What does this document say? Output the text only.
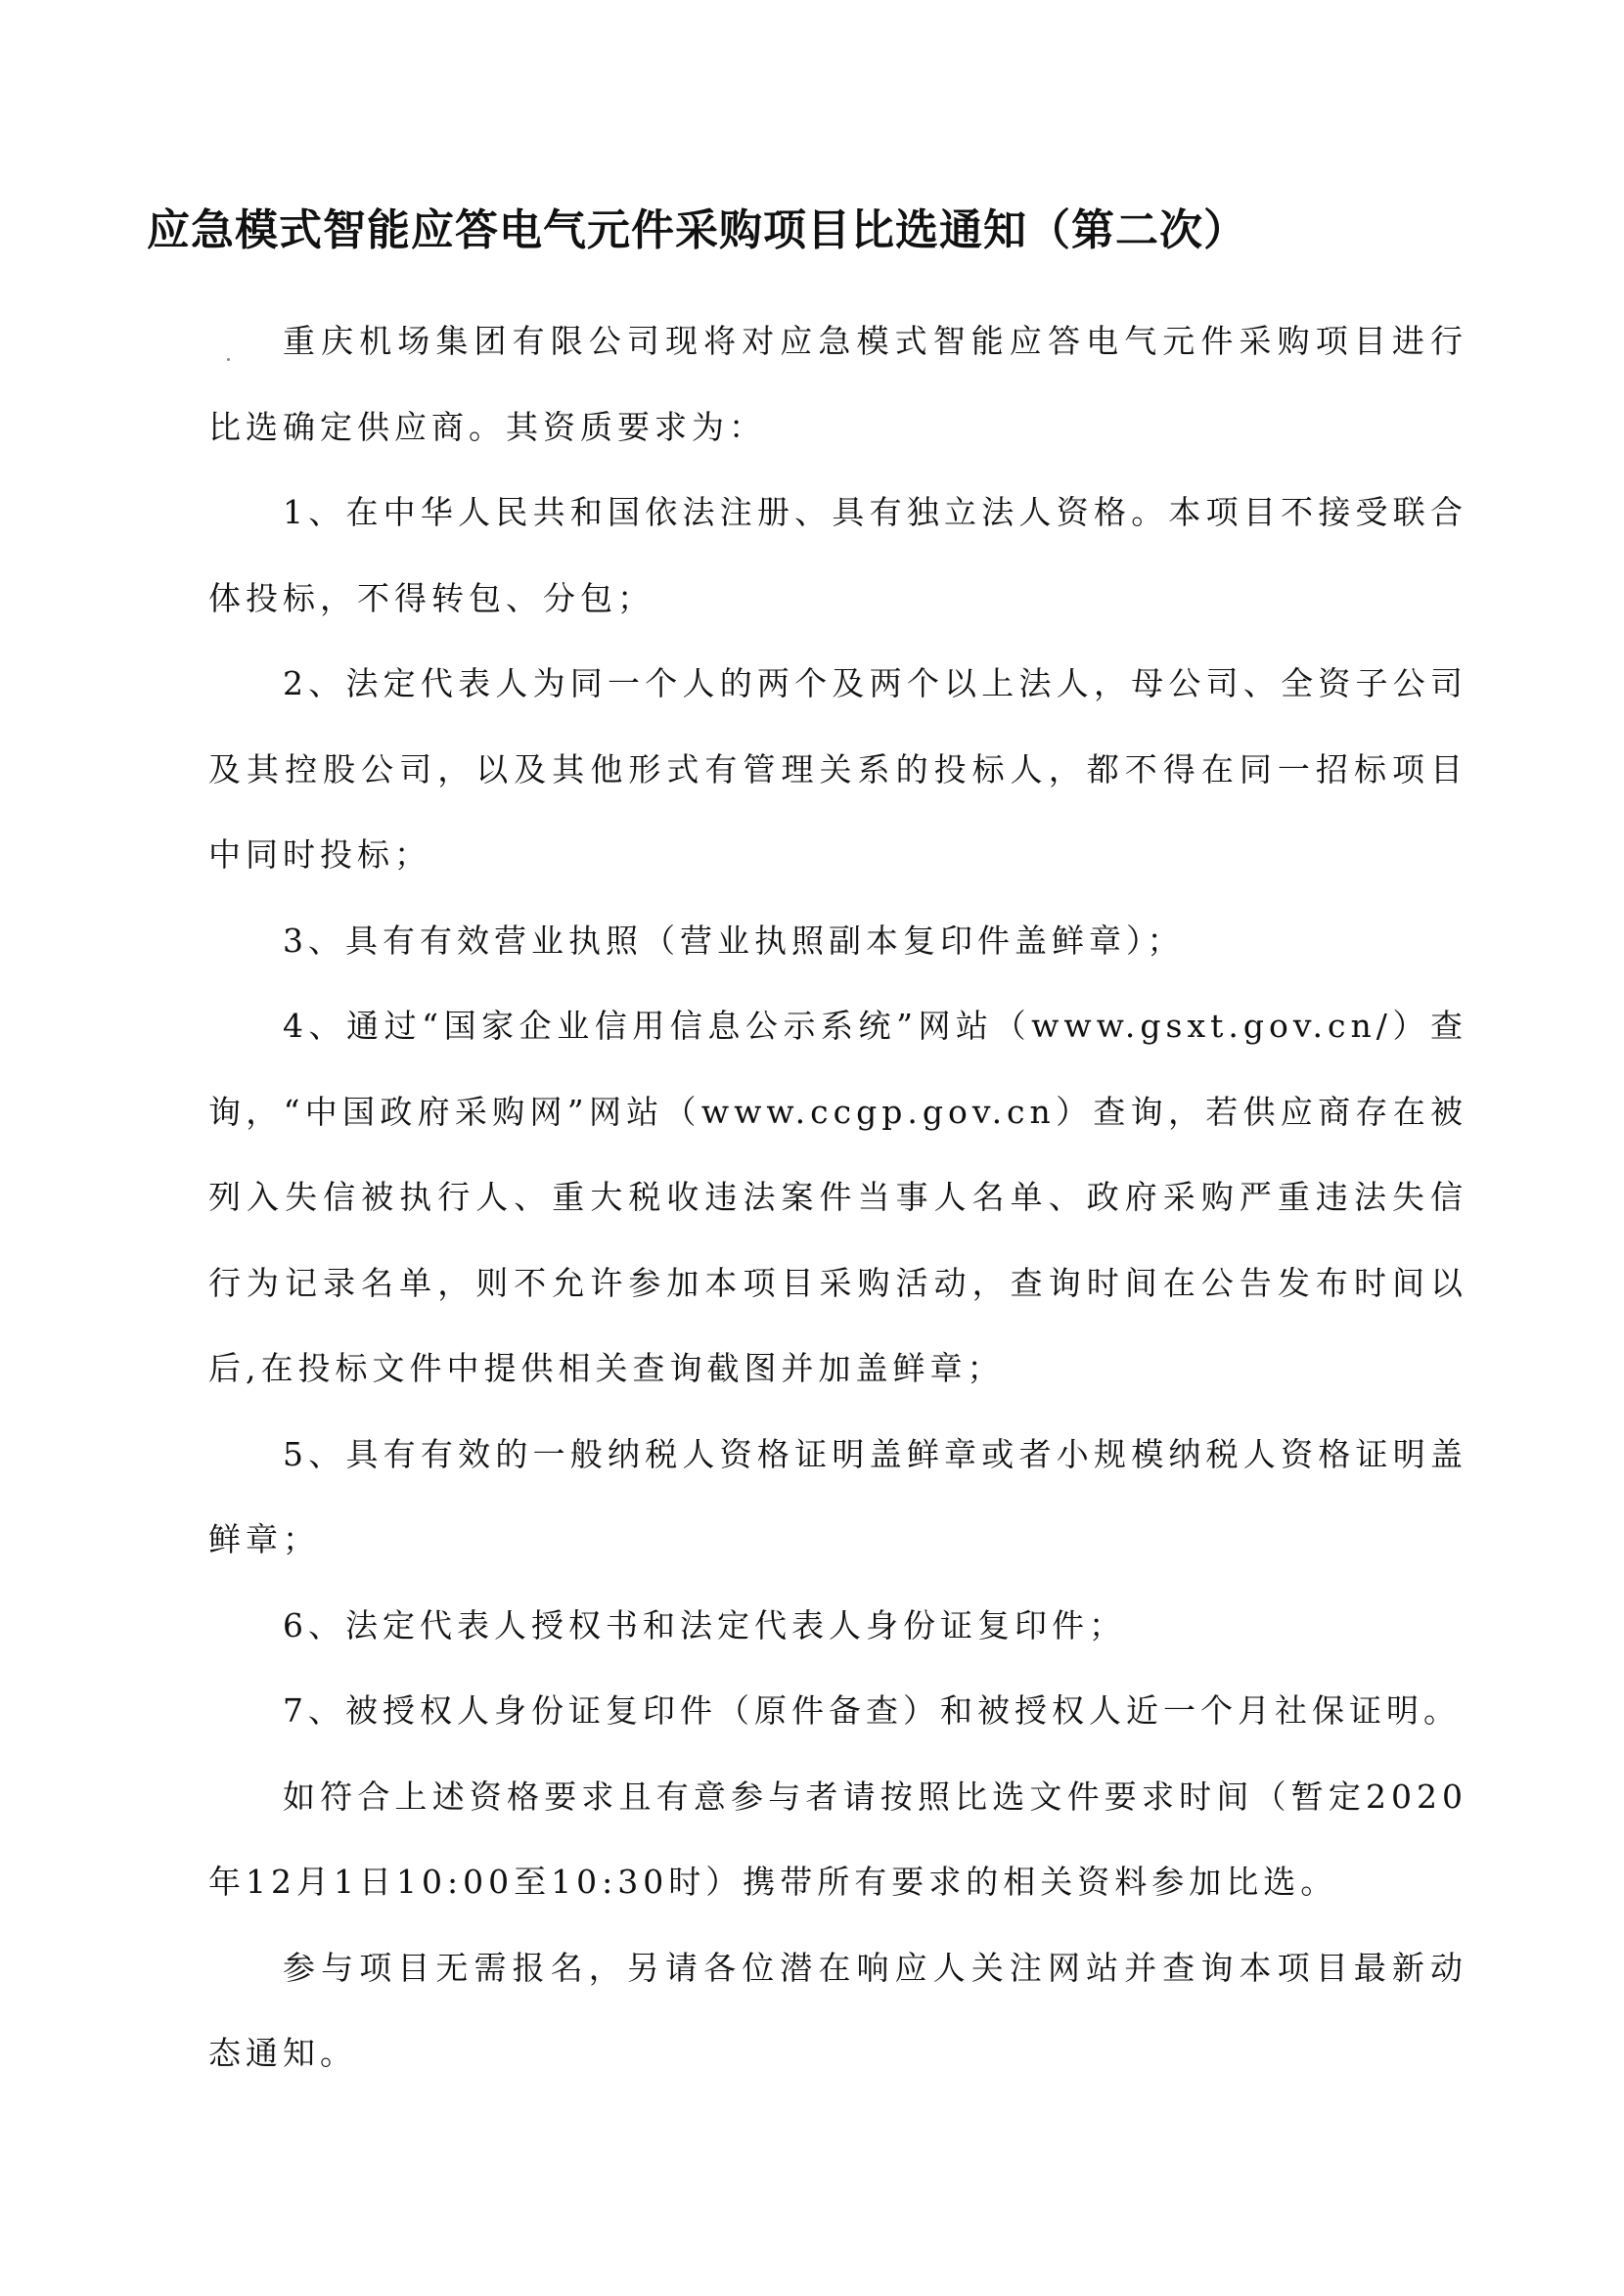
应急模式智能应答电气元件采购项目比选通知（第二次）

重庆机场集团有限公司现将对应急模式智能应答电气元件采购项目进行比选确定供应商。其资质要求为：

1、在中华人民共和国依法注册、具有独立法人资格。本项目不接受联合体投标，不得转包、分包；

2、法定代表人为同一个人的两个及两个以上法人，母公司、全资子公司及其控股公司，以及其他形式有管理关系的投标人，都不得在同一招标项目中同时投标；

3、具有有效营业执照（营业执照副本复印件盖鲜章）；

4、通过“国家企业信用信息公示系统”网站（www.gsxt.gov.cn/）查询，“中国政府采购网”网站（www.ccgp.gov.cn）查询，若供应商存在被列入失信被执行人、重大税收违法案件当事人名单、政府采购严重违法失信行为记录名单，则不允许参加本项目采购活动，查询时间在公告发布时间以后,在投标文件中提供相关查询截图并加盖鲜章；

5、具有有效的一般纳税人资格证明盖鲜章或者小规模纳税人资格证明盖鲜章；

6、法定代表人授权书和法定代表人身份证复印件；

7、被授权人身份证复印件（原件备查）和被授权人近一个月社保证明。

如符合上述资格要求且有意参与者请按照比选文件要求时间（暂定2020年12月1日10:00至10:30时）携带所有要求的相关资料参加比选。

参与项目无需报名，另请各位潜在响应人关注网站并查询本项目最新动态通知。
